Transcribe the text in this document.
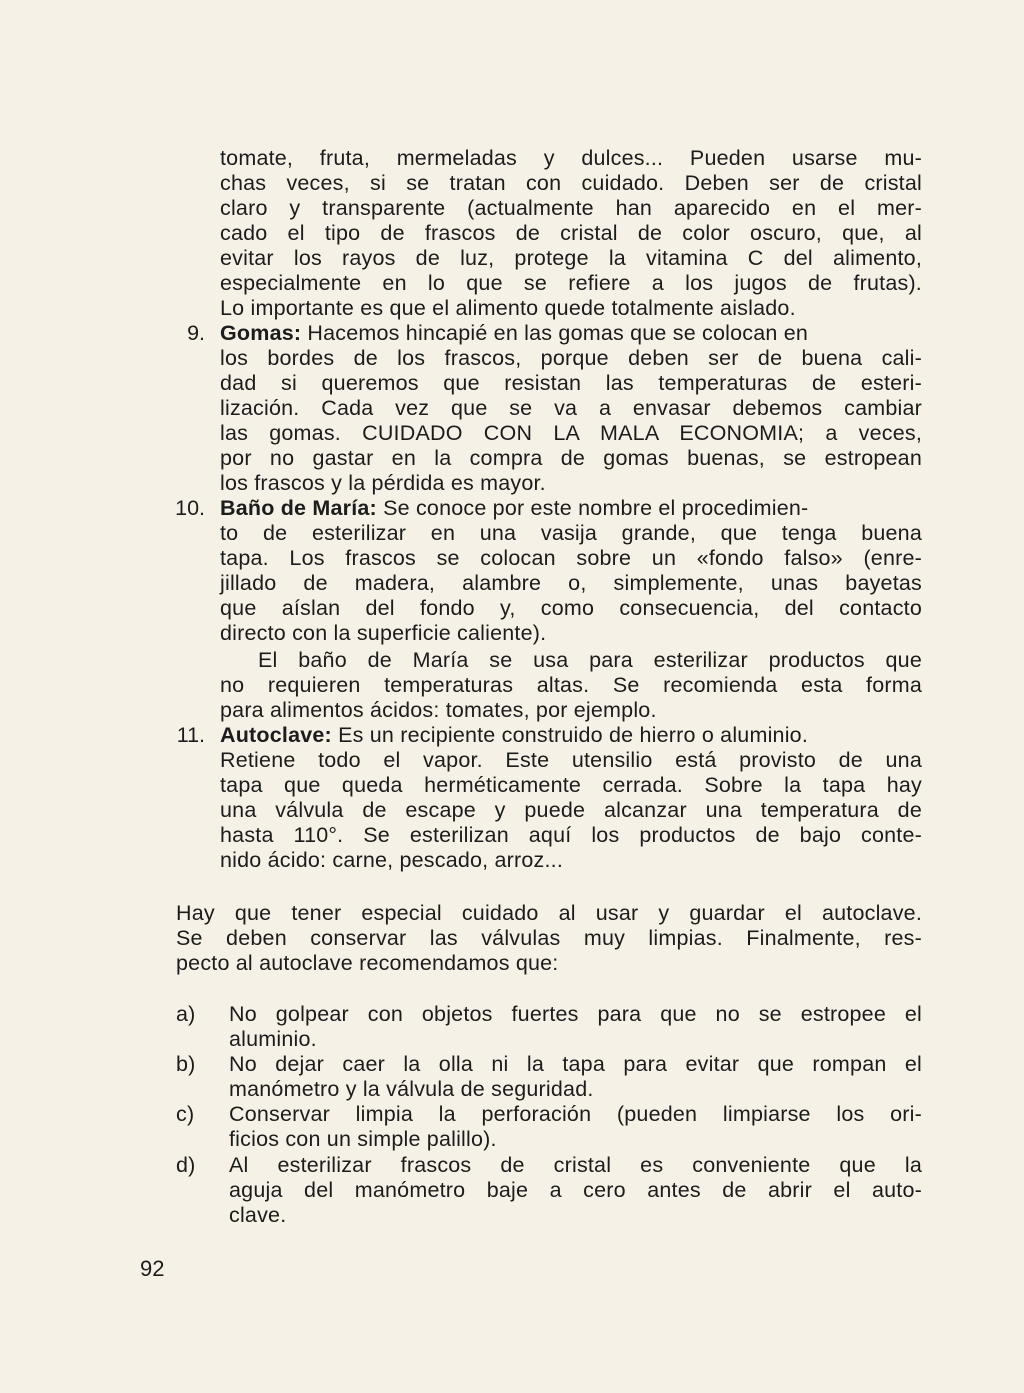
tomate, fruta, mermeladas y dulces... Pueden usarse mu-
chas veces, si se tratan con cuidado. Deben ser de cristal
claro y transparente (actualmente han aparecido en el mer-
cado el tipo de frascos de cristal de color oscuro, que, al
evitar los rayos de luz, protege la vitamina C del alimento,
especialmente en lo que se refiere a los jugos de frutas).
Lo importante es que el alimento quede totalmente aislado.
9. Gomas: Hacemos hincapié en las gomas que se colocan en
los bordes de los frascos, porque deben ser de buena cali-
dad si queremos que resistan las temperaturas de esteri-
lización. Cada vez que se va a envasar debemos cambiar
las gomas. CUIDADO CON LA MALA ECONOMIA; a veces,
por no gastar en la compra de gomas buenas, se estropean
los frascos y la pérdida es mayor.
10. Baño de María: Se conoce por este nombre el procedimien-
to de esterilizar en una vasija grande, que tenga buena
tapa. Los frascos se colocan sobre un «fondo falso» (enre-
jillado de madera, alambre o, simplemente, unas bayetas
que aíslan del fondo y, como consecuencia, del contacto
directo con la superficie caliente).
El baño de María se usa para esterilizar productos que
no requieren temperaturas altas. Se recomienda esta forma
para alimentos ácidos: tomates, por ejemplo.
11. Autoclave: Es un recipiente construido de hierro o aluminio.
Retiene todo el vapor. Este utensilio está provisto de una
tapa que queda herméticamente cerrada. Sobre la tapa hay
una válvula de escape y puede alcanzar una temperatura de
hasta 110°. Se esterilizan aquí los productos de bajo conte-
nido ácido: carne, pescado, arroz...
Hay que tener especial cuidado al usar y guardar el autoclave.
Se deben conservar las válvulas muy limpias. Finalmente, res-
pecto al autoclave recomendamos que:
a) No golpear con objetos fuertes para que no se estropee el
aluminio.
b) No dejar caer la olla ni la tapa para evitar que rompan el
manómetro y la válvula de seguridad.
c) Conservar limpia la perforación (pueden limpiarse los ori-
ficios con un simple palillo).
d) Al esterilizar frascos de cristal es conveniente que la
aguja del manómetro baje a cero antes de abrir el auto-
clave.
92
